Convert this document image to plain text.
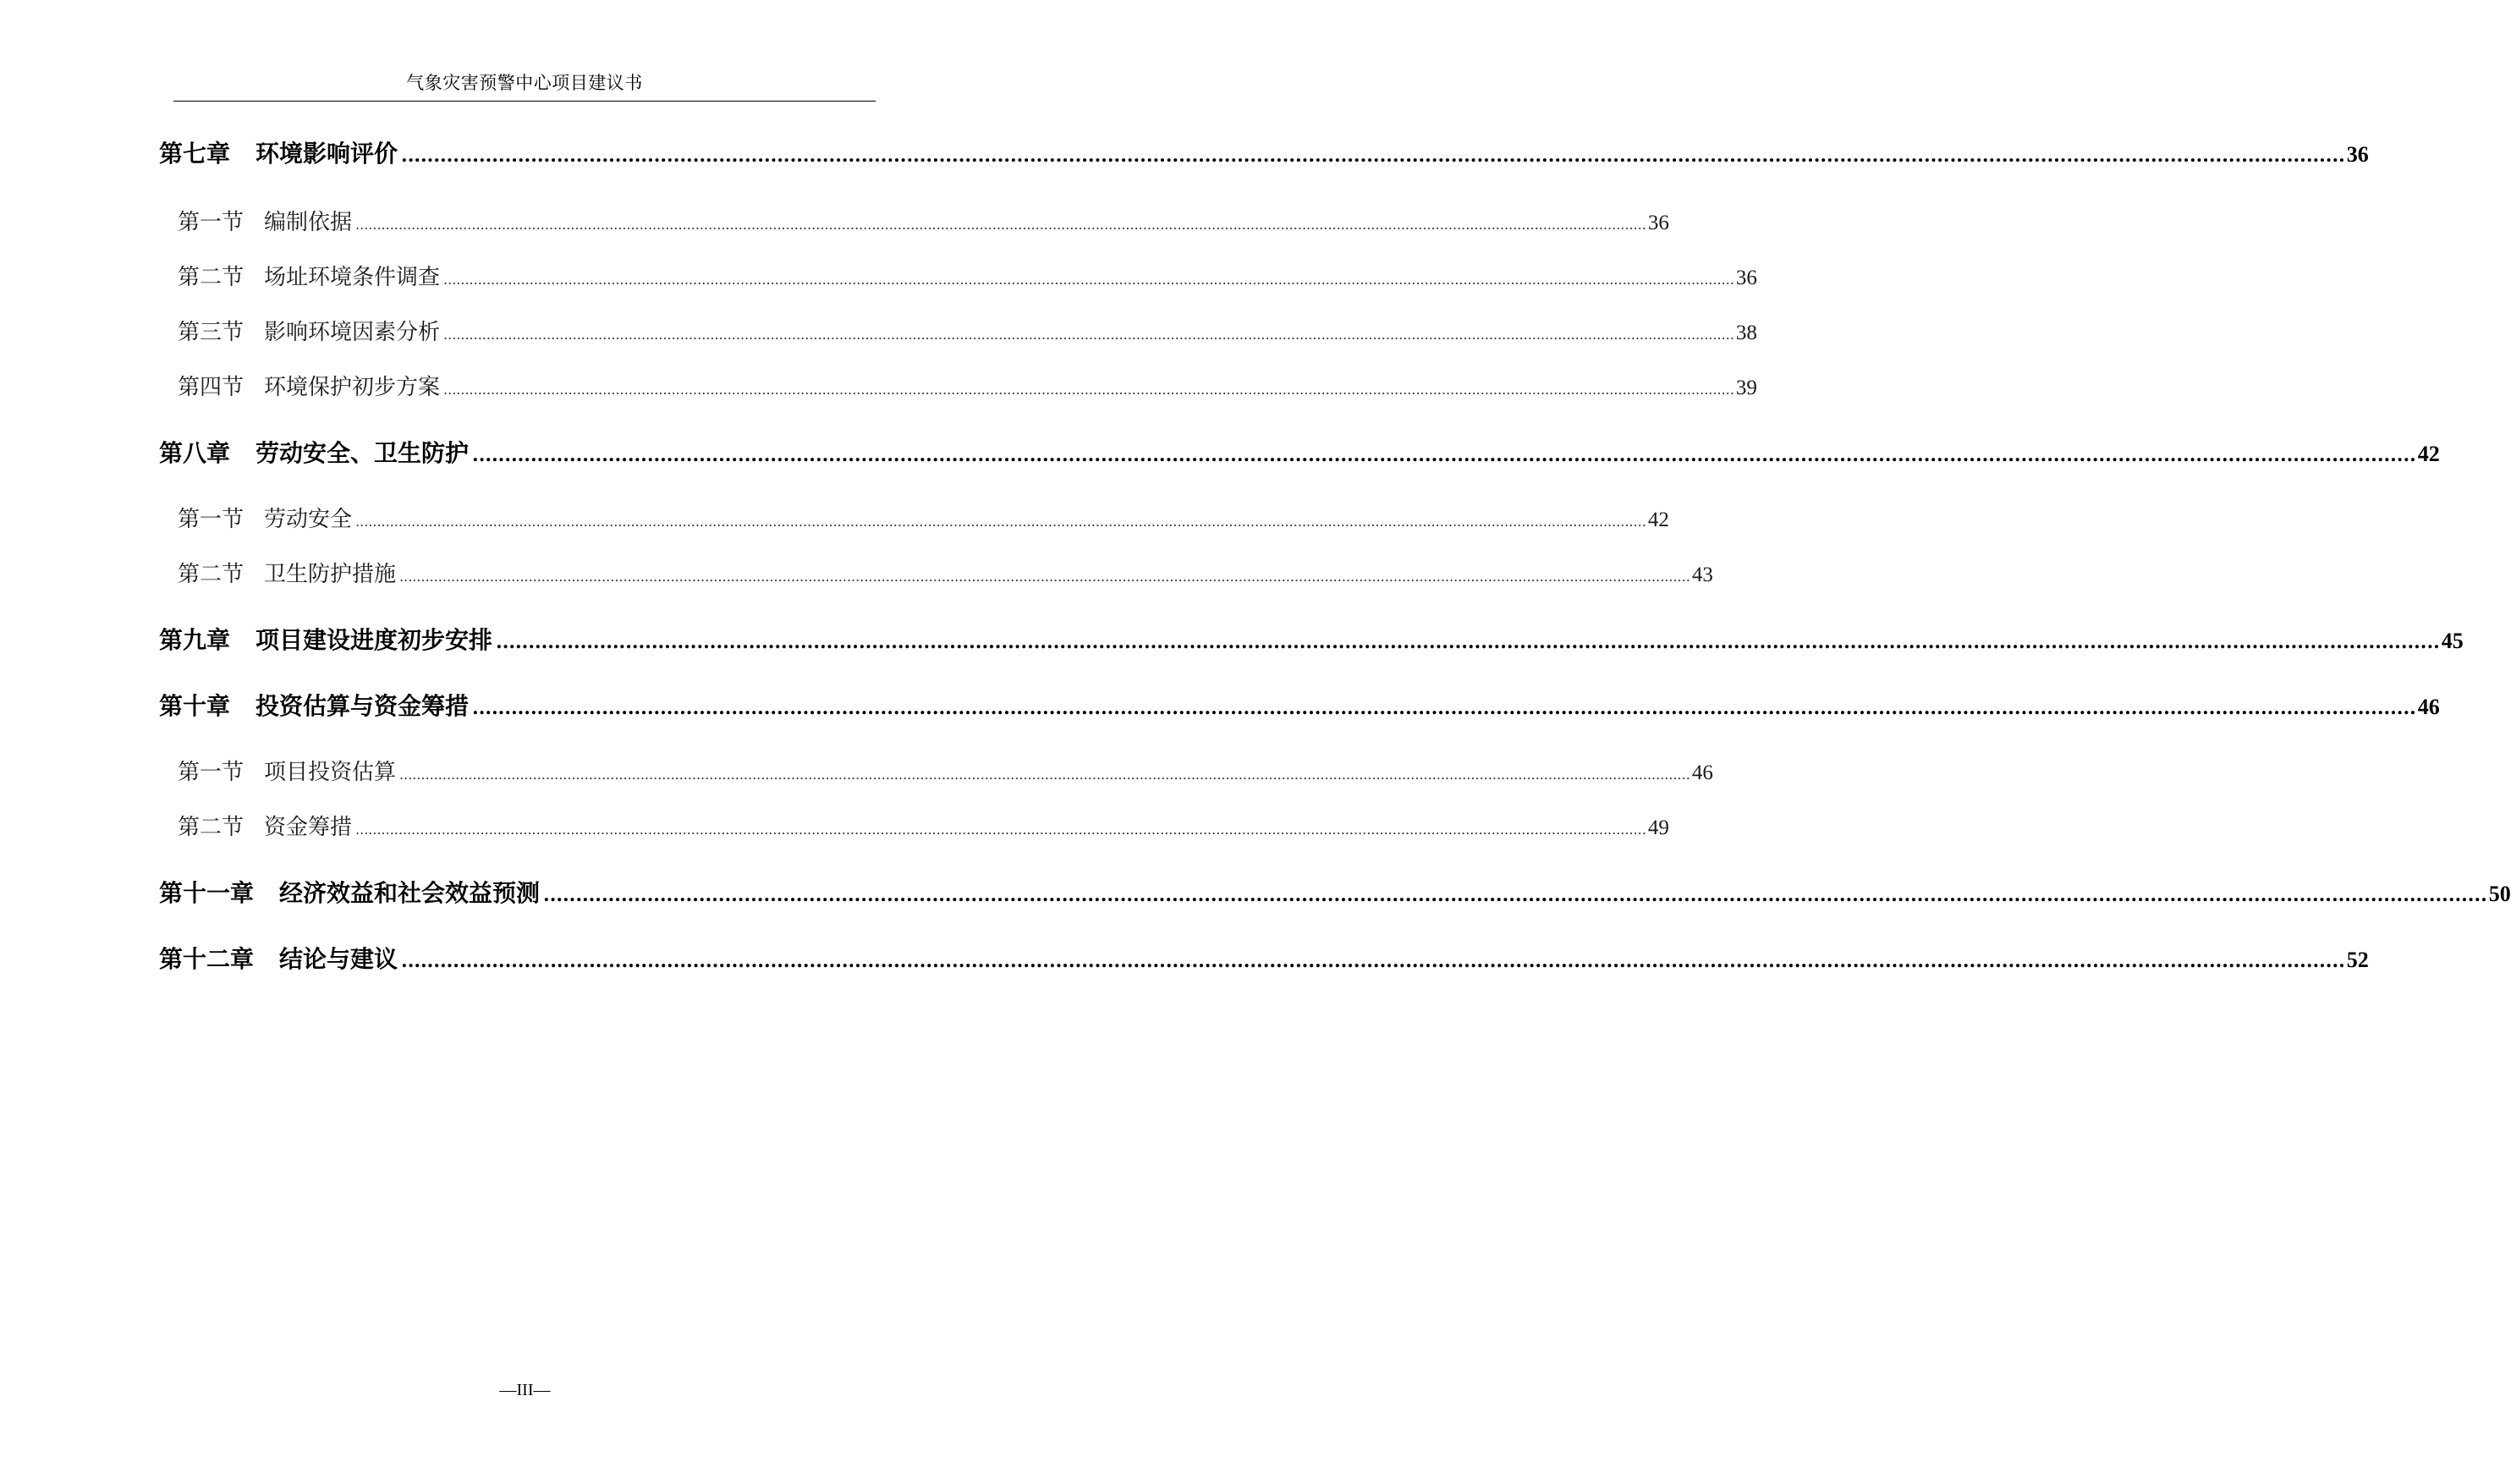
气象灾害预警中心项目建议书
第七章 环境影响评价 ............................................................................................................................................................................................................................................................................................................ 36
第一节 编制依据 ............................................................................................................................................................................................................................................................................................................ 36
第二节 场址环境条件调查 ............................................................................................................................................................................................................................................................................................................ 36
第三节 影响环境因素分析 ............................................................................................................................................................................................................................................................................................................ 38
第四节 环境保护初步方案 ............................................................................................................................................................................................................................................................................................................ 39
第八章 劳动安全、卫生防护 ............................................................................................................................................................................................................................................................................................................ 42
第一节 劳动安全 ............................................................................................................................................................................................................................................................................................................ 42
第二节 卫生防护措施 ............................................................................................................................................................................................................................................................................................................ 43
第九章 项目建设进度初步安排 ............................................................................................................................................................................................................................................................................................................ 45
第十章 投资估算与资金筹措 ............................................................................................................................................................................................................................................................................................................ 46
第一节 项目投资估算 ............................................................................................................................................................................................................................................................................................................ 46
第二节 资金筹措 ............................................................................................................................................................................................................................................................................................................ 49
第十一章 经济效益和社会效益预测 ............................................................................................................................................................................................................................................................................................................ 50
第十二章 结论与建议 ............................................................................................................................................................................................................................................................................................................ 52
—III—
